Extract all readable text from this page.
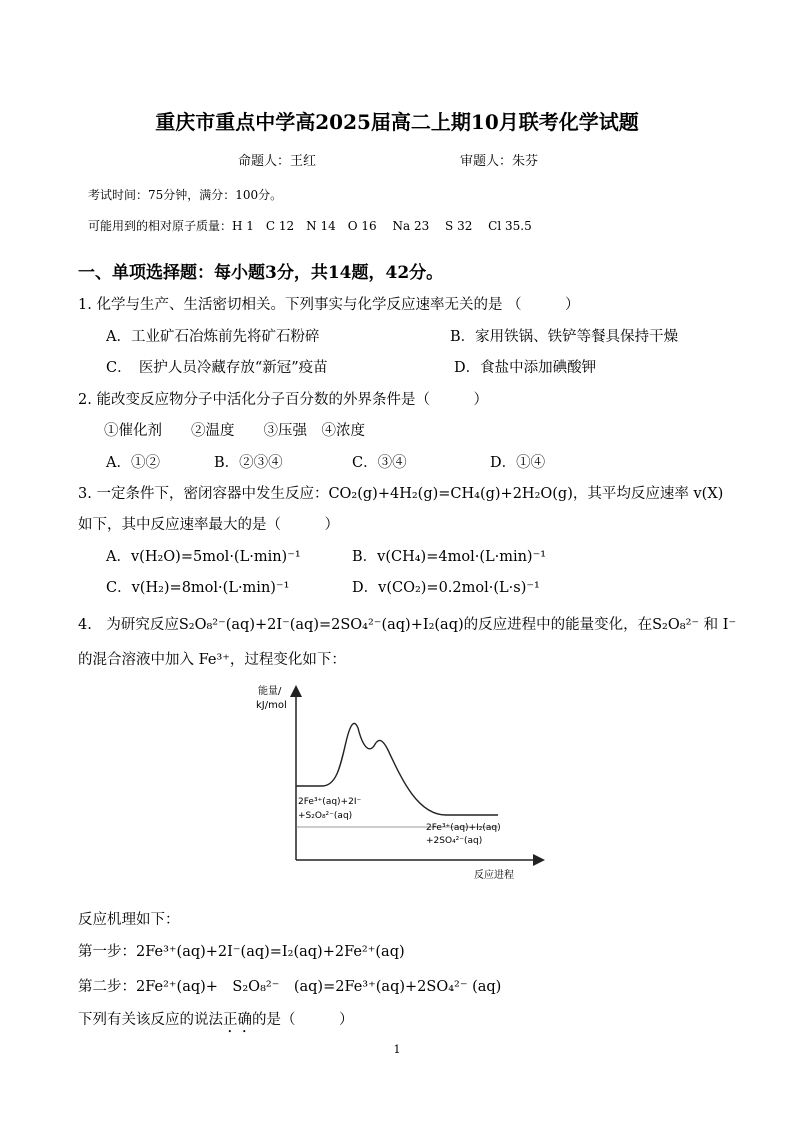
重庆市重点中学高2025届高二上期10月联考化学试题
命题人：王红	审题人：朱芬
考试时间：75分钟，满分：100分。
可能用到的相对原子质量：H 1　C 12　N 14　O 16　 Na 23　 S 32　 Cl 35.5
一、单项选择题：每小题3分，共14题，42分。
1. 化学与生产、生活密切相关。下列事实与化学反应速率无关的是 （　　　）
A．工业矿石冶炼前先将矿石粉碎	B．家用铁锅、铁铲等餐具保持干燥
C．　医护人员冷藏存放“新冠”疫苗	D．食盐中添加碘酸钾
2. 能改变反应物分子中活化分子百分数的外界条件是（　　　）
①催化剂　　②温度　　③压强　④浓度
A．①②	B．②③④	C．③④	D．①④
3. 一定条件下，密闭容器中发生反应：CO₂(g)+4H₂(g)=CH₄(g)+2H₂O(g)，其平均反应速率 v(X)
如下，其中反应速率最大的是（　　　）
A．v(H₂O)=5mol·(L·min)⁻¹	B．v(CH₄)=4mol·(L·min)⁻¹
C．v(H₂)=8mol·(L·min)⁻¹	D．v(CO₂)=0.2mol·(L·s)⁻¹
4.　为研究反应S₂O₈²⁻(aq)+2I⁻(aq)=2SO₄²⁻(aq)+I₂(aq)的反应进程中的能量变化，在S₂O₈²⁻ 和 I⁻
的混合溶液中加入 Fe³⁺，过程变化如下：
能量/
kJ/mol
2Fe³⁺(aq)+2I⁻
+S₂O₈²⁻(aq)
2Fe³⁺(aq)+I₂(aq)
+2SO₄²⁻(aq)
反应进程
反应机理如下：
第一步：2Fe³⁺(aq)+2I⁻(aq)=I₂(aq)+2Fe²⁺(aq)
第二步：2Fe²⁺(aq)+　S₂O₈²⁻　(aq)=2Fe³⁺(aq)+2SO₄²⁻ (aq)
下列有关该反应的说法正确的是（　　　）
1
